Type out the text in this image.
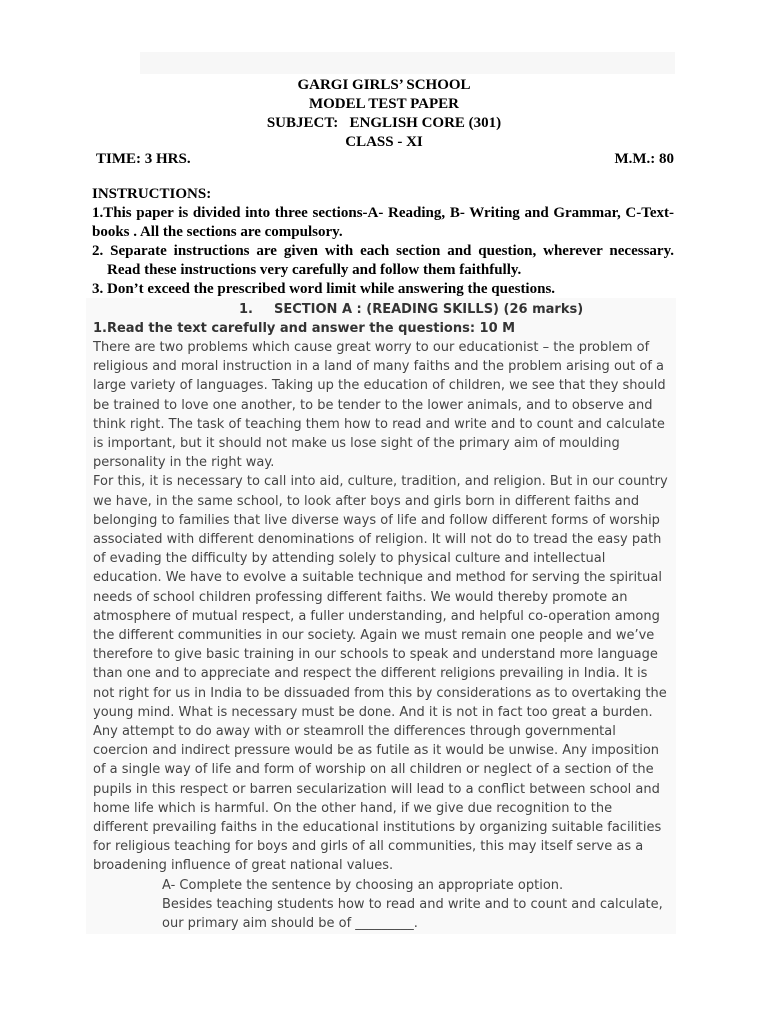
GARGI GIRLS’ SCHOOL
MODEL TEST PAPER
SUBJECT:   ENGLISH CORE (301)
CLASS - XI
TIME: 3 HRS.	M.M.: 80
INSTRUCTIONS:
1.This paper is divided into three sections-A- Reading, B- Writing and Grammar, C-Text-books . All the sections are compulsory.
2. Separate instructions are given with each section and question, wherever necessary. Read these instructions very carefully and follow them faithfully.
3. Don’t exceed the prescribed word limit while answering the questions.
1. SECTION A : (READING SKILLS) (26 marks)
1.Read the text carefully and answer the questions: 10 M
There are two problems which cause great worry to our educationist – the problem of
religious and moral instruction in a land of many faiths and the problem arising out of a
large variety of languages. Taking up the education of children, we see that they should
be trained to love one another, to be tender to the lower animals, and to observe and
think right. The task of teaching them how to read and write and to count and calculate
is important, but it should not make us lose sight of the primary aim of moulding
personality in the right way.
For this, it is necessary to call into aid, culture, tradition, and religion. But in our country
we have, in the same school, to look after boys and girls born in different faiths and
belonging to families that live diverse ways of life and follow different forms of worship
associated with different denominations of religion. It will not do to tread the easy path
of evading the difficulty by attending solely to physical culture and intellectual
education. We have to evolve a suitable technique and method for serving the spiritual
needs of school children professing different faiths. We would thereby promote an
atmosphere of mutual respect, a fuller understanding, and helpful co-operation among
the different communities in our society. Again we must remain one people and we’ve
therefore to give basic training in our schools to speak and understand more language
than one and to appreciate and respect the different religions prevailing in India. It is
not right for us in India to be dissuaded from this by considerations as to overtaking the
young mind. What is necessary must be done. And it is not in fact too great a burden.
Any attempt to do away with or steamroll the differences through governmental
coercion and indirect pressure would be as futile as it would be unwise. Any imposition
of a single way of life and form of worship on all children or neglect of a section of the
pupils in this respect or barren secularization will lead to a conflict between school and
home life which is harmful. On the other hand, if we give due recognition to the
different prevailing faiths in the educational institutions by organizing suitable facilities
for religious teaching for boys and girls of all communities, this may itself serve as a
broadening influence of great national values.
A- Complete the sentence by choosing an appropriate option.
Besides teaching students how to read and write and to count and calculate,
our primary aim should be of _________.
